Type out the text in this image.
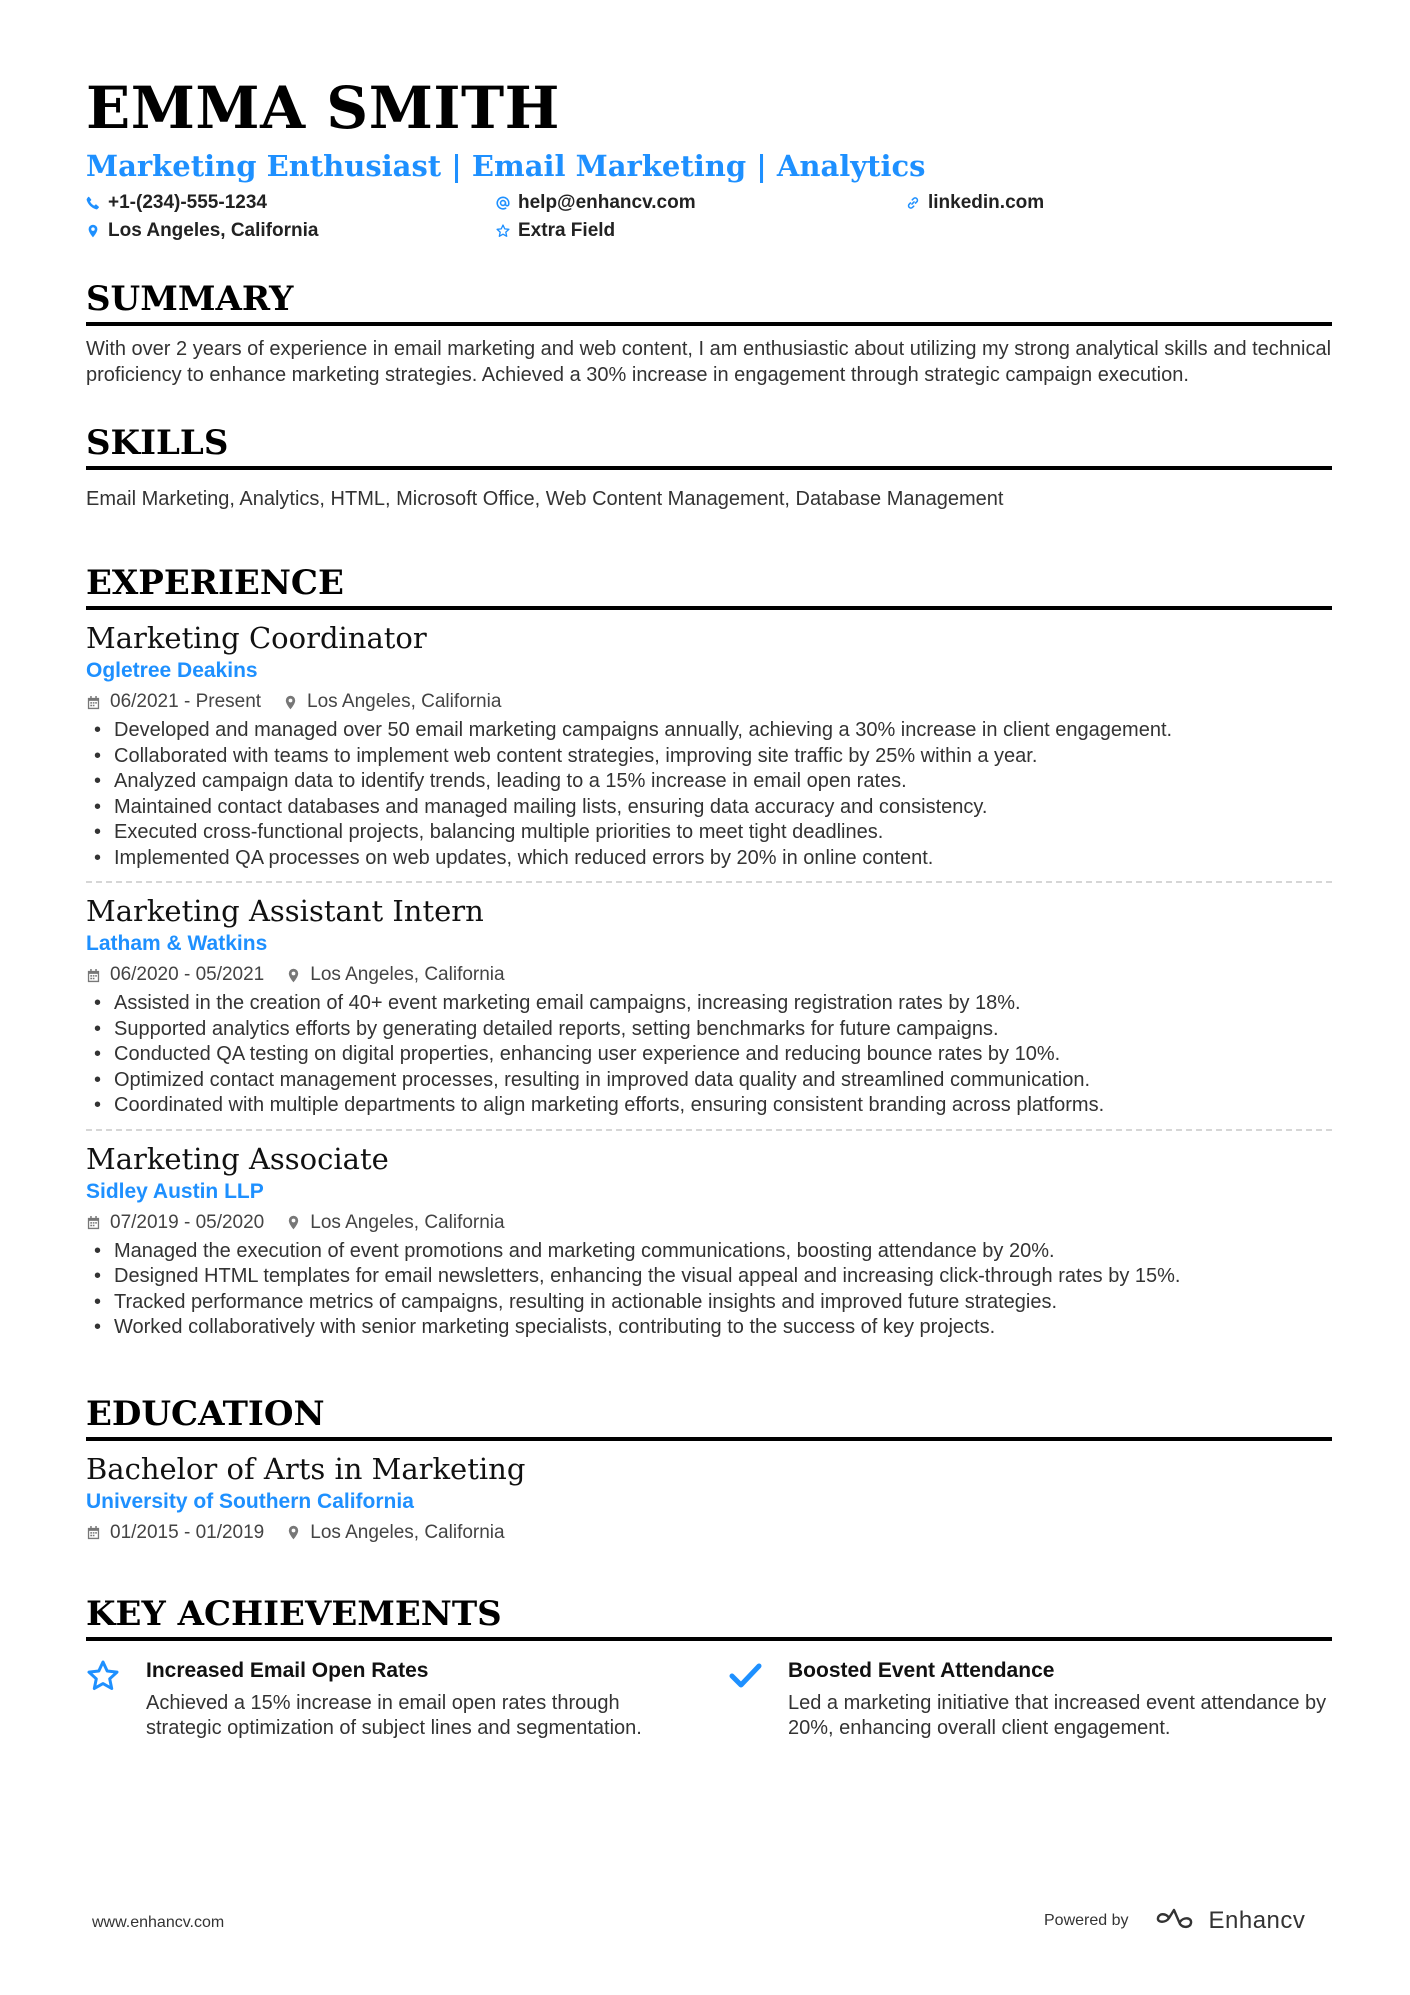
EMMA SMITH
Marketing Enthusiast | Email Marketing | Analytics
+1-(234)-555-1234	help@enhancv.com	linkedin.com
Los Angeles, California	Extra Field
SUMMARY

With over 2 years of experience in email marketing and web content, I am enthusiastic about utilizing my strong analytical skills and technical proficiency to enhance marketing strategies. Achieved a 30% increase in engagement through strategic campaign execution.

SKILLS

Email Marketing, Analytics, HTML, Microsoft Office, Web Content Management, Database Management

EXPERIENCE
Marketing Coordinator
Ogletree Deakins
06/2021 - Present Los Angeles, California
• Developed and managed over 50 email marketing campaigns annually, achieving a 30% increase in client engagement.
• Collaborated with teams to implement web content strategies, improving site traffic by 25% within a year.
• Analyzed campaign data to identify trends, leading to a 15% increase in email open rates.
• Maintained contact databases and managed mailing lists, ensuring data accuracy and consistency.
• Executed cross-functional projects, balancing multiple priorities to meet tight deadlines.
• Implemented QA processes on web updates, which reduced errors by 20% in online content.
Marketing Assistant Intern
Latham & Watkins
06/2020 - 05/2021 Los Angeles, California
• Assisted in the creation of 40+ event marketing email campaigns, increasing registration rates by 18%.
• Supported analytics efforts by generating detailed reports, setting benchmarks for future campaigns.
• Conducted QA testing on digital properties, enhancing user experience and reducing bounce rates by 10%.
• Optimized contact management processes, resulting in improved data quality and streamlined communication.
• Coordinated with multiple departments to align marketing efforts, ensuring consistent branding across platforms.
Marketing Associate
Sidley Austin LLP
07/2019 - 05/2020 Los Angeles, California
• Managed the execution of event promotions and marketing communications, boosting attendance by 20%.
• Designed HTML templates for email newsletters, enhancing the visual appeal and increasing click-through rates by 15%.
• Tracked performance metrics of campaigns, resulting in actionable insights and improved future strategies.
• Worked collaboratively with senior marketing specialists, contributing to the success of key projects.
EDUCATION
Bachelor of Arts in Marketing
University of Southern California
01/2015 - 01/2019 Los Angeles, California
KEY ACHIEVEMENTS
Increased Email Open Rates
Achieved a 15% increase in email open rates through strategic optimization of subject lines and segmentation.
Boosted Event Attendance
Led a marketing initiative that increased event attendance by 20%, enhancing overall client engagement.
www.enhancv.com	Powered by	Enhancv
